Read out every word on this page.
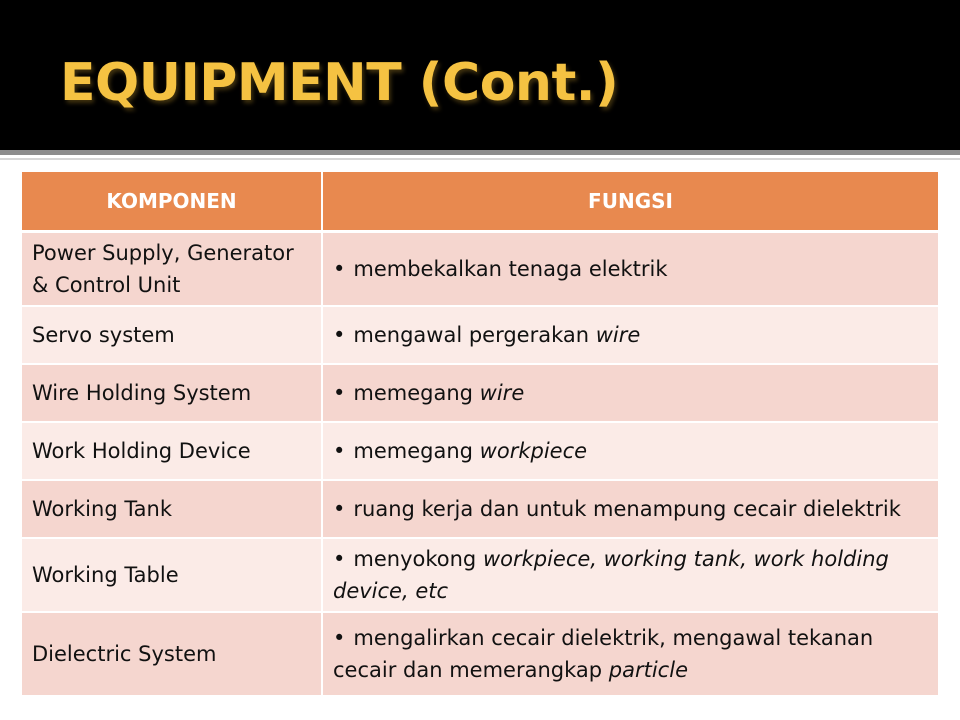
EQUIPMENT (Cont.)
KOMPONEN	FUNGSI
Power Supply, Generator & Control Unit	• membekalkan tenaga elektrik
Servo system	• mengawal pergerakan wire
Wire Holding System	• memegang wire
Work Holding Device	• memegang workpiece
Working Tank	• ruang kerja dan untuk menampung cecair dielektrik
Working Table	• menyokong workpiece, working tank, work holding device, etc
Dielectric System	• mengalirkan cecair dielektrik, mengawal tekanan cecair dan memerangkap particle
